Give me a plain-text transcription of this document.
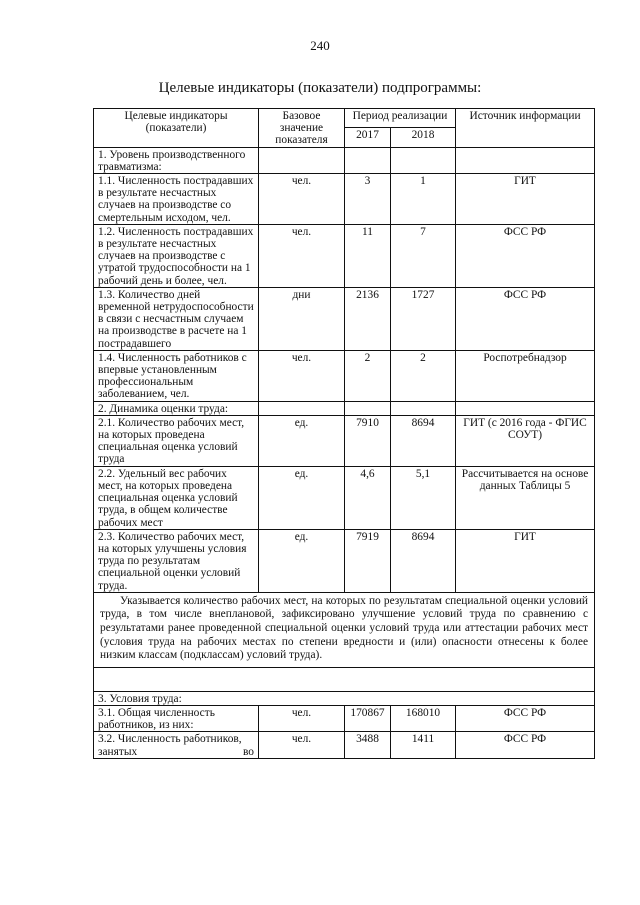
240
Целевые индикаторы (показатели) подпрограммы:
Целевые индикаторы (показатели)	Базовое значение показателя	Период реализации		Источник информации
		2017	2018	
1. Уровень производственного травматизма:				
1.1. Численность пострадавших в результате несчастных случаев на производстве со смертельным исходом, чел.	чел.	3	1	ГИТ
1.2. Численность пострадавших в результате несчастных случаев на производстве с утратой трудоспособности на 1 рабочий день и более, чел.	чел.	11	7	ФСС РФ
1.3. Количество дней временной нетрудоспособности в связи с несчастным случаем на производстве в расчете на 1 пострадавшего	дни	2136	1727	ФСС РФ
1.4. Численность работников с впервые установленным профессиональным заболеванием, чел.	чел.	2	2	Роспотребнадзор
2. Динамика оценки труда:				
2.1. Количество рабочих мест, на которых проведена специальная оценка условий труда	ед.	7910	8694	ГИТ (с 2016 года - ФГИС СОУТ)
2.2. Удельный вес рабочих мест, на которых проведена специальная оценка условий труда, в общем количестве рабочих мест	ед.	4,6	5,1	Рассчитывается на основе данных Таблицы 5
2.3. Количество рабочих мест, на которых улучшены условия труда по результатам специальной оценки условий труда.	ед.	7919	8694	ГИТ
Указывается количество рабочих мест, на которых по результатам специальной оценки условий труда, в том числе внеплановой, зафиксировано улучшение условий труда по сравнению с результатами ранее проведенной специальной оценки условий труда или аттестации рабочих мест (условия труда на рабочих местах по степени вредности и (или) опасности отнесены к более низким классам (подклассам) условий труда).				

3. Условия труда:				
3.1. Общая численность работников, из них:	чел.	170867	168010	ФСС РФ
3.2. Численность работников, занятых во	чел.	3488	1411	ФСС РФ
